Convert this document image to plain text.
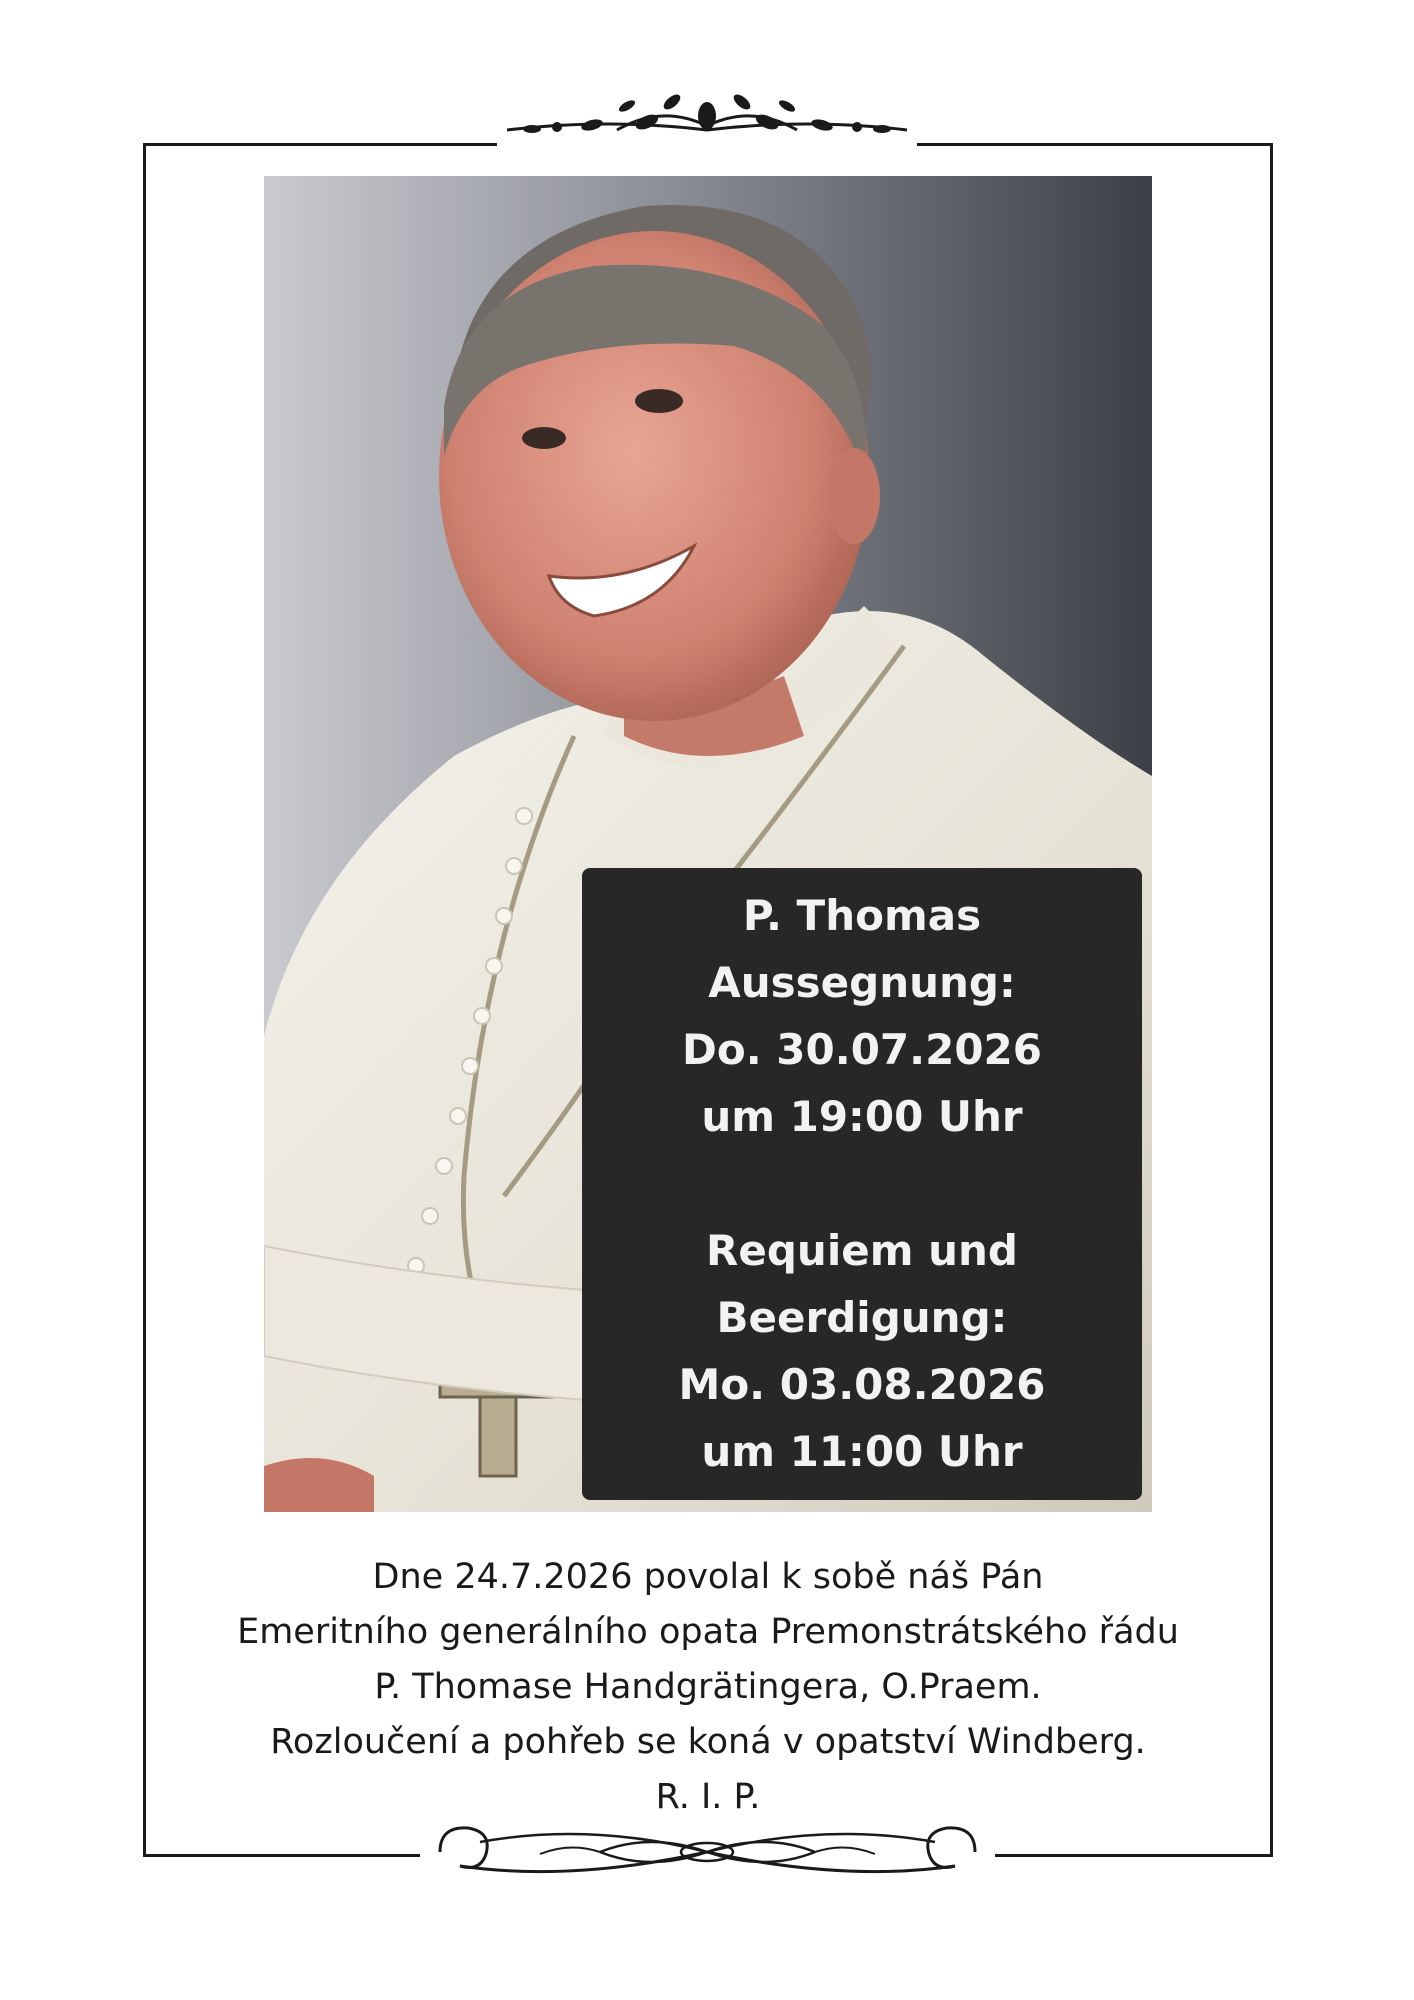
P. Thomas
Aussegnung:
Do. 30.07.2026
um 19:00 Uhr
Requiem und
Beerdigung:
Mo. 03.08.2026
um 11:00 Uhr
Dne 24.7.2026 povolal k sobě náš Pán
Emeritního generálního opata Premonstrátského řádu
P. Thomase Handgrätingera, O.Praem.
Rozloučení a pohřeb se koná v opatství Windberg.
R. I. P.
